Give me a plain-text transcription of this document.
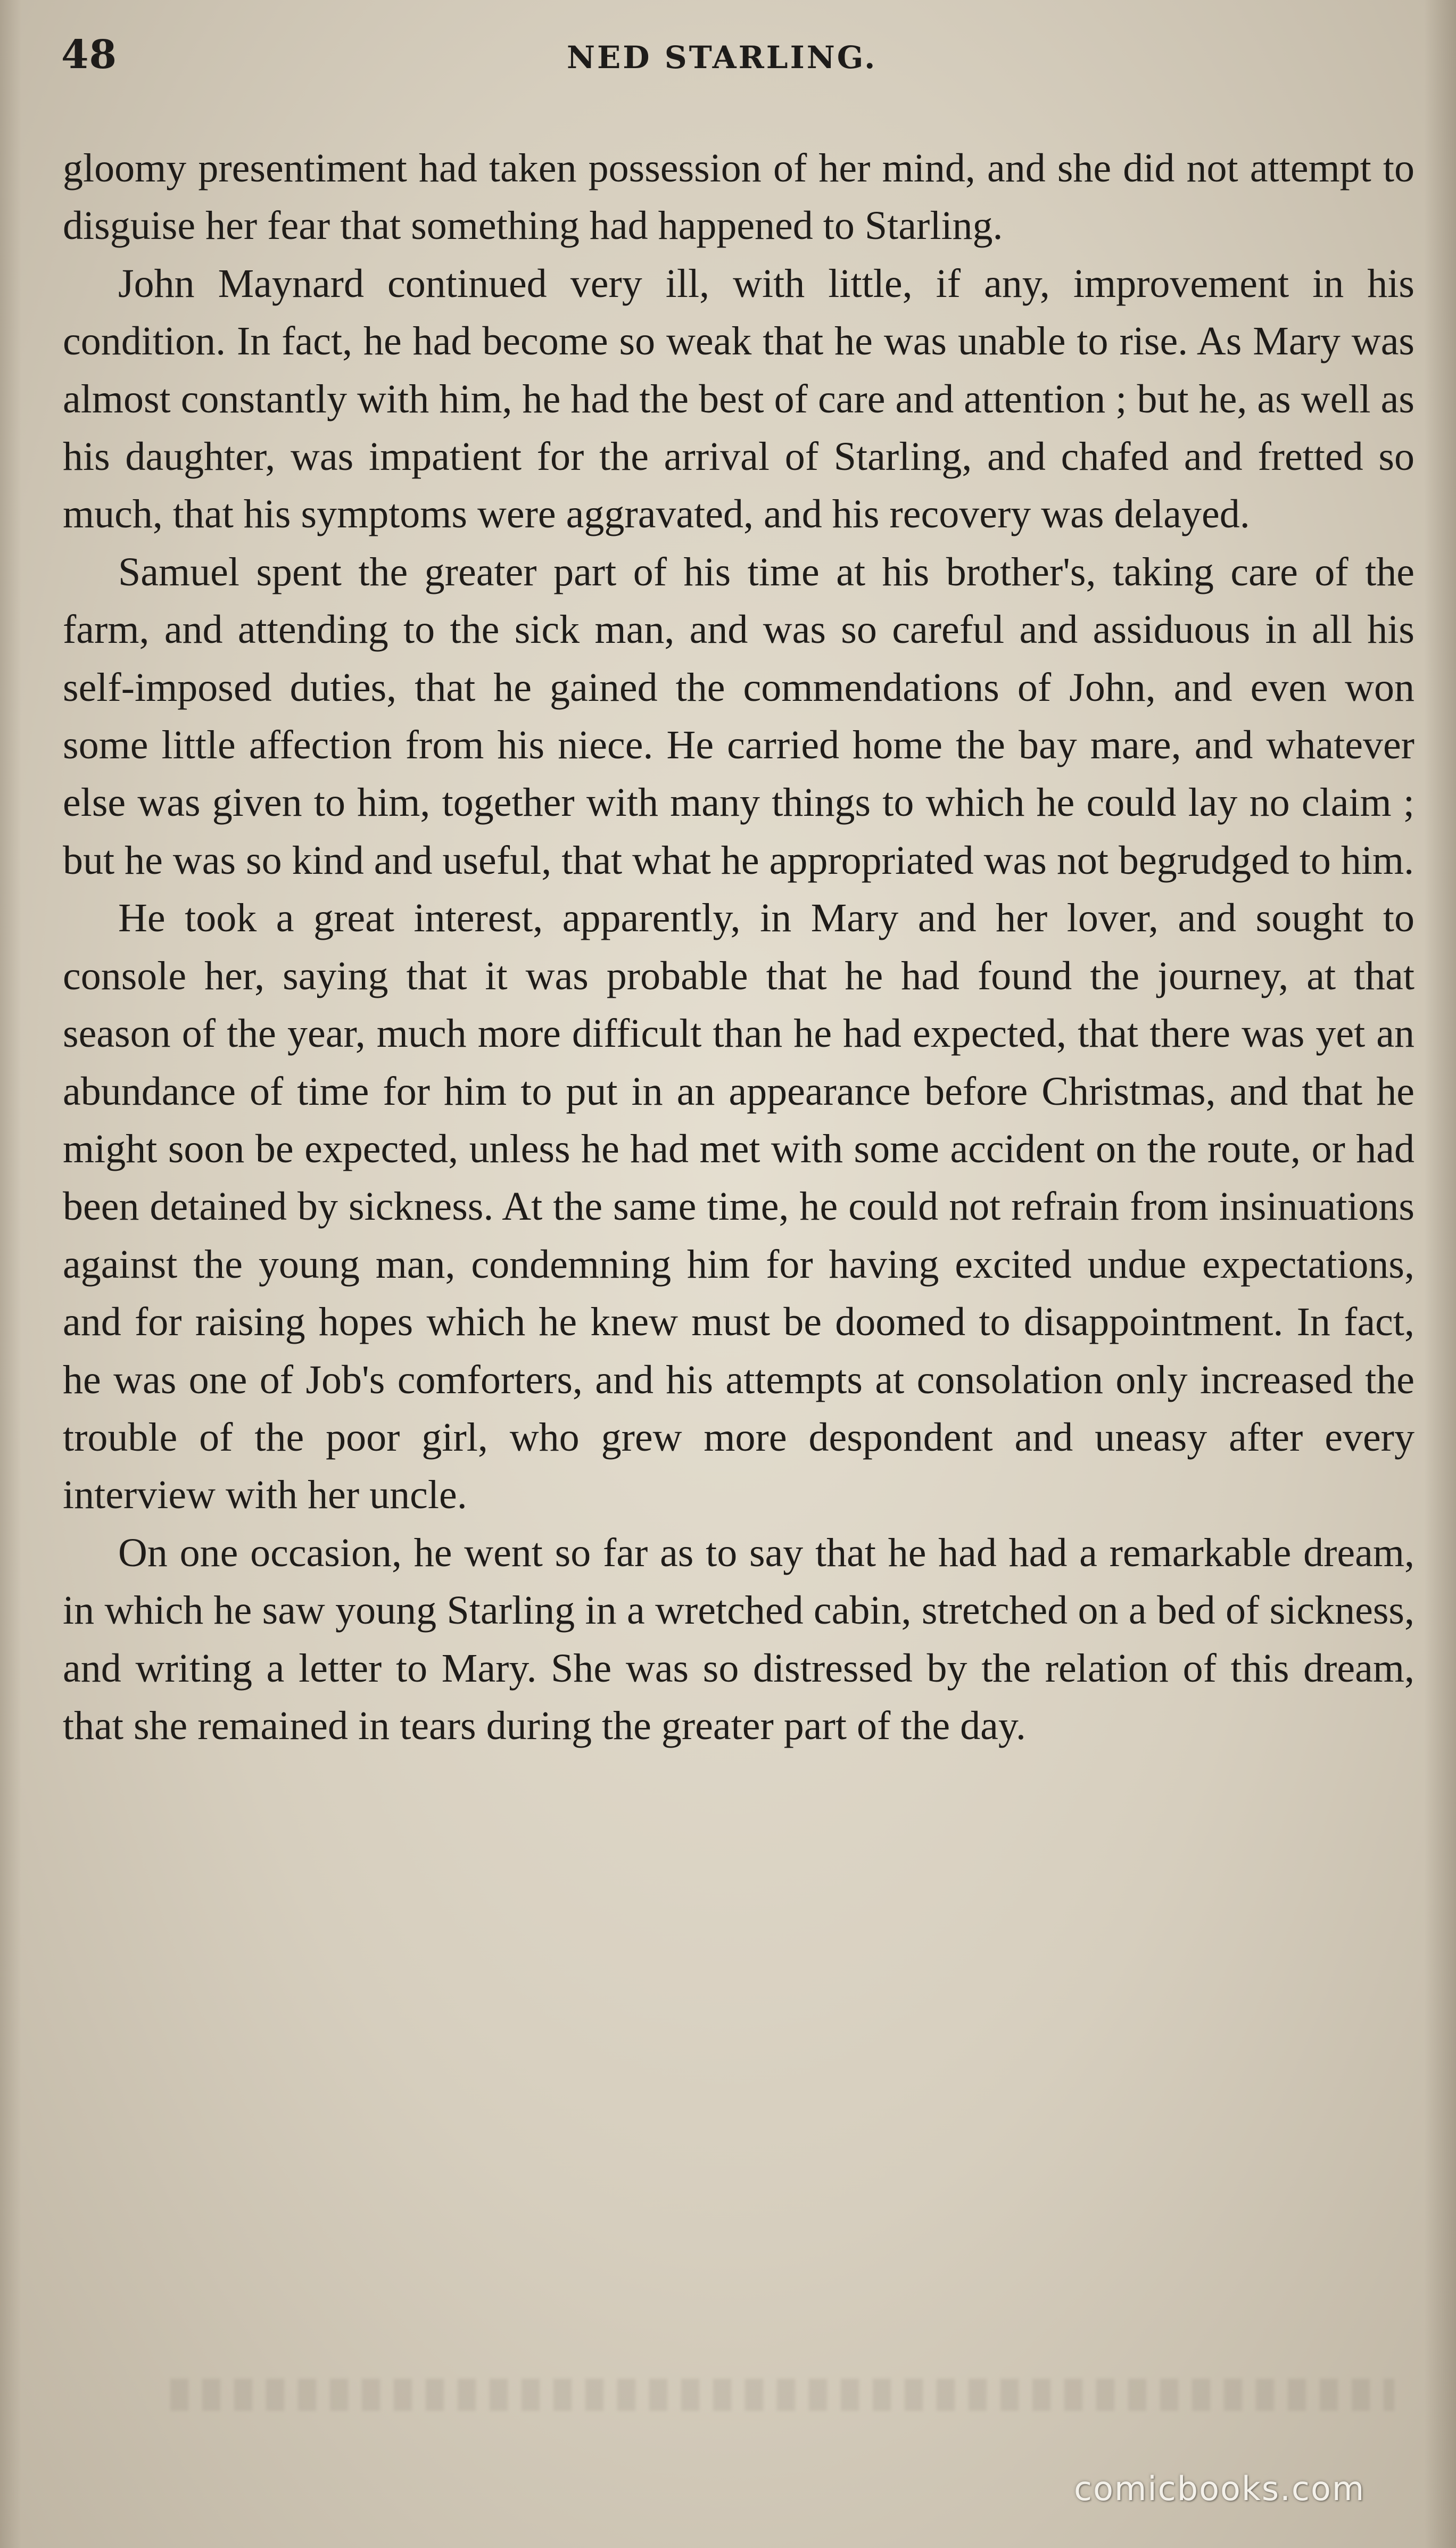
48	NED STARLING.

gloomy presentiment had taken possession of her mind, and she did not attempt to disguise her fear that something had happened to Starling.

John Maynard continued very ill, with little, if any, improvement in his condition. In fact, he had become so weak that he was unable to rise. As Mary was almost constantly with him, he had the best of care and attention ; but he, as well as his daughter, was impatient for the arrival of Starling, and chafed and fretted so much, that his symptoms were aggravated, and his recovery was delayed.

Samuel spent the greater part of his time at his brother's, taking care of the farm, and attending to the sick man, and was so careful and assiduous in all his self-imposed duties, that he gained the commendations of John, and even won some little affection from his niece. He carried home the bay mare, and whatever else was given to him, together with many things to which he could lay no claim ; but he was so kind and useful, that what he appropriated was not begrudged to him.

He took a great interest, apparently, in Mary and her lover, and sought to console her, saying that it was probable that he had found the journey, at that season of the year, much more difficult than he had expected, that there was yet an abundance of time for him to put in an appearance before Christmas, and that he might soon be expected, unless he had met with some accident on the route, or had been detained by sickness. At the same time, he could not refrain from insinuations against the young man, condemning him for having excited undue expectations, and for raising hopes which he knew must be doomed to disappointment. In fact, he was one of Job's comforters, and his attempts at consolation only increased the trouble of the poor girl, who grew more despondent and uneasy after every interview with her uncle.

On one occasion, he went so far as to say that he had had a remarkable dream, in which he saw young Starling in a wretched cabin, stretched on a bed of sickness, and writing a letter to Mary. She was so distressed by the relation of this dream, that she remained in tears during the greater part of the day.

comicbooks.com
